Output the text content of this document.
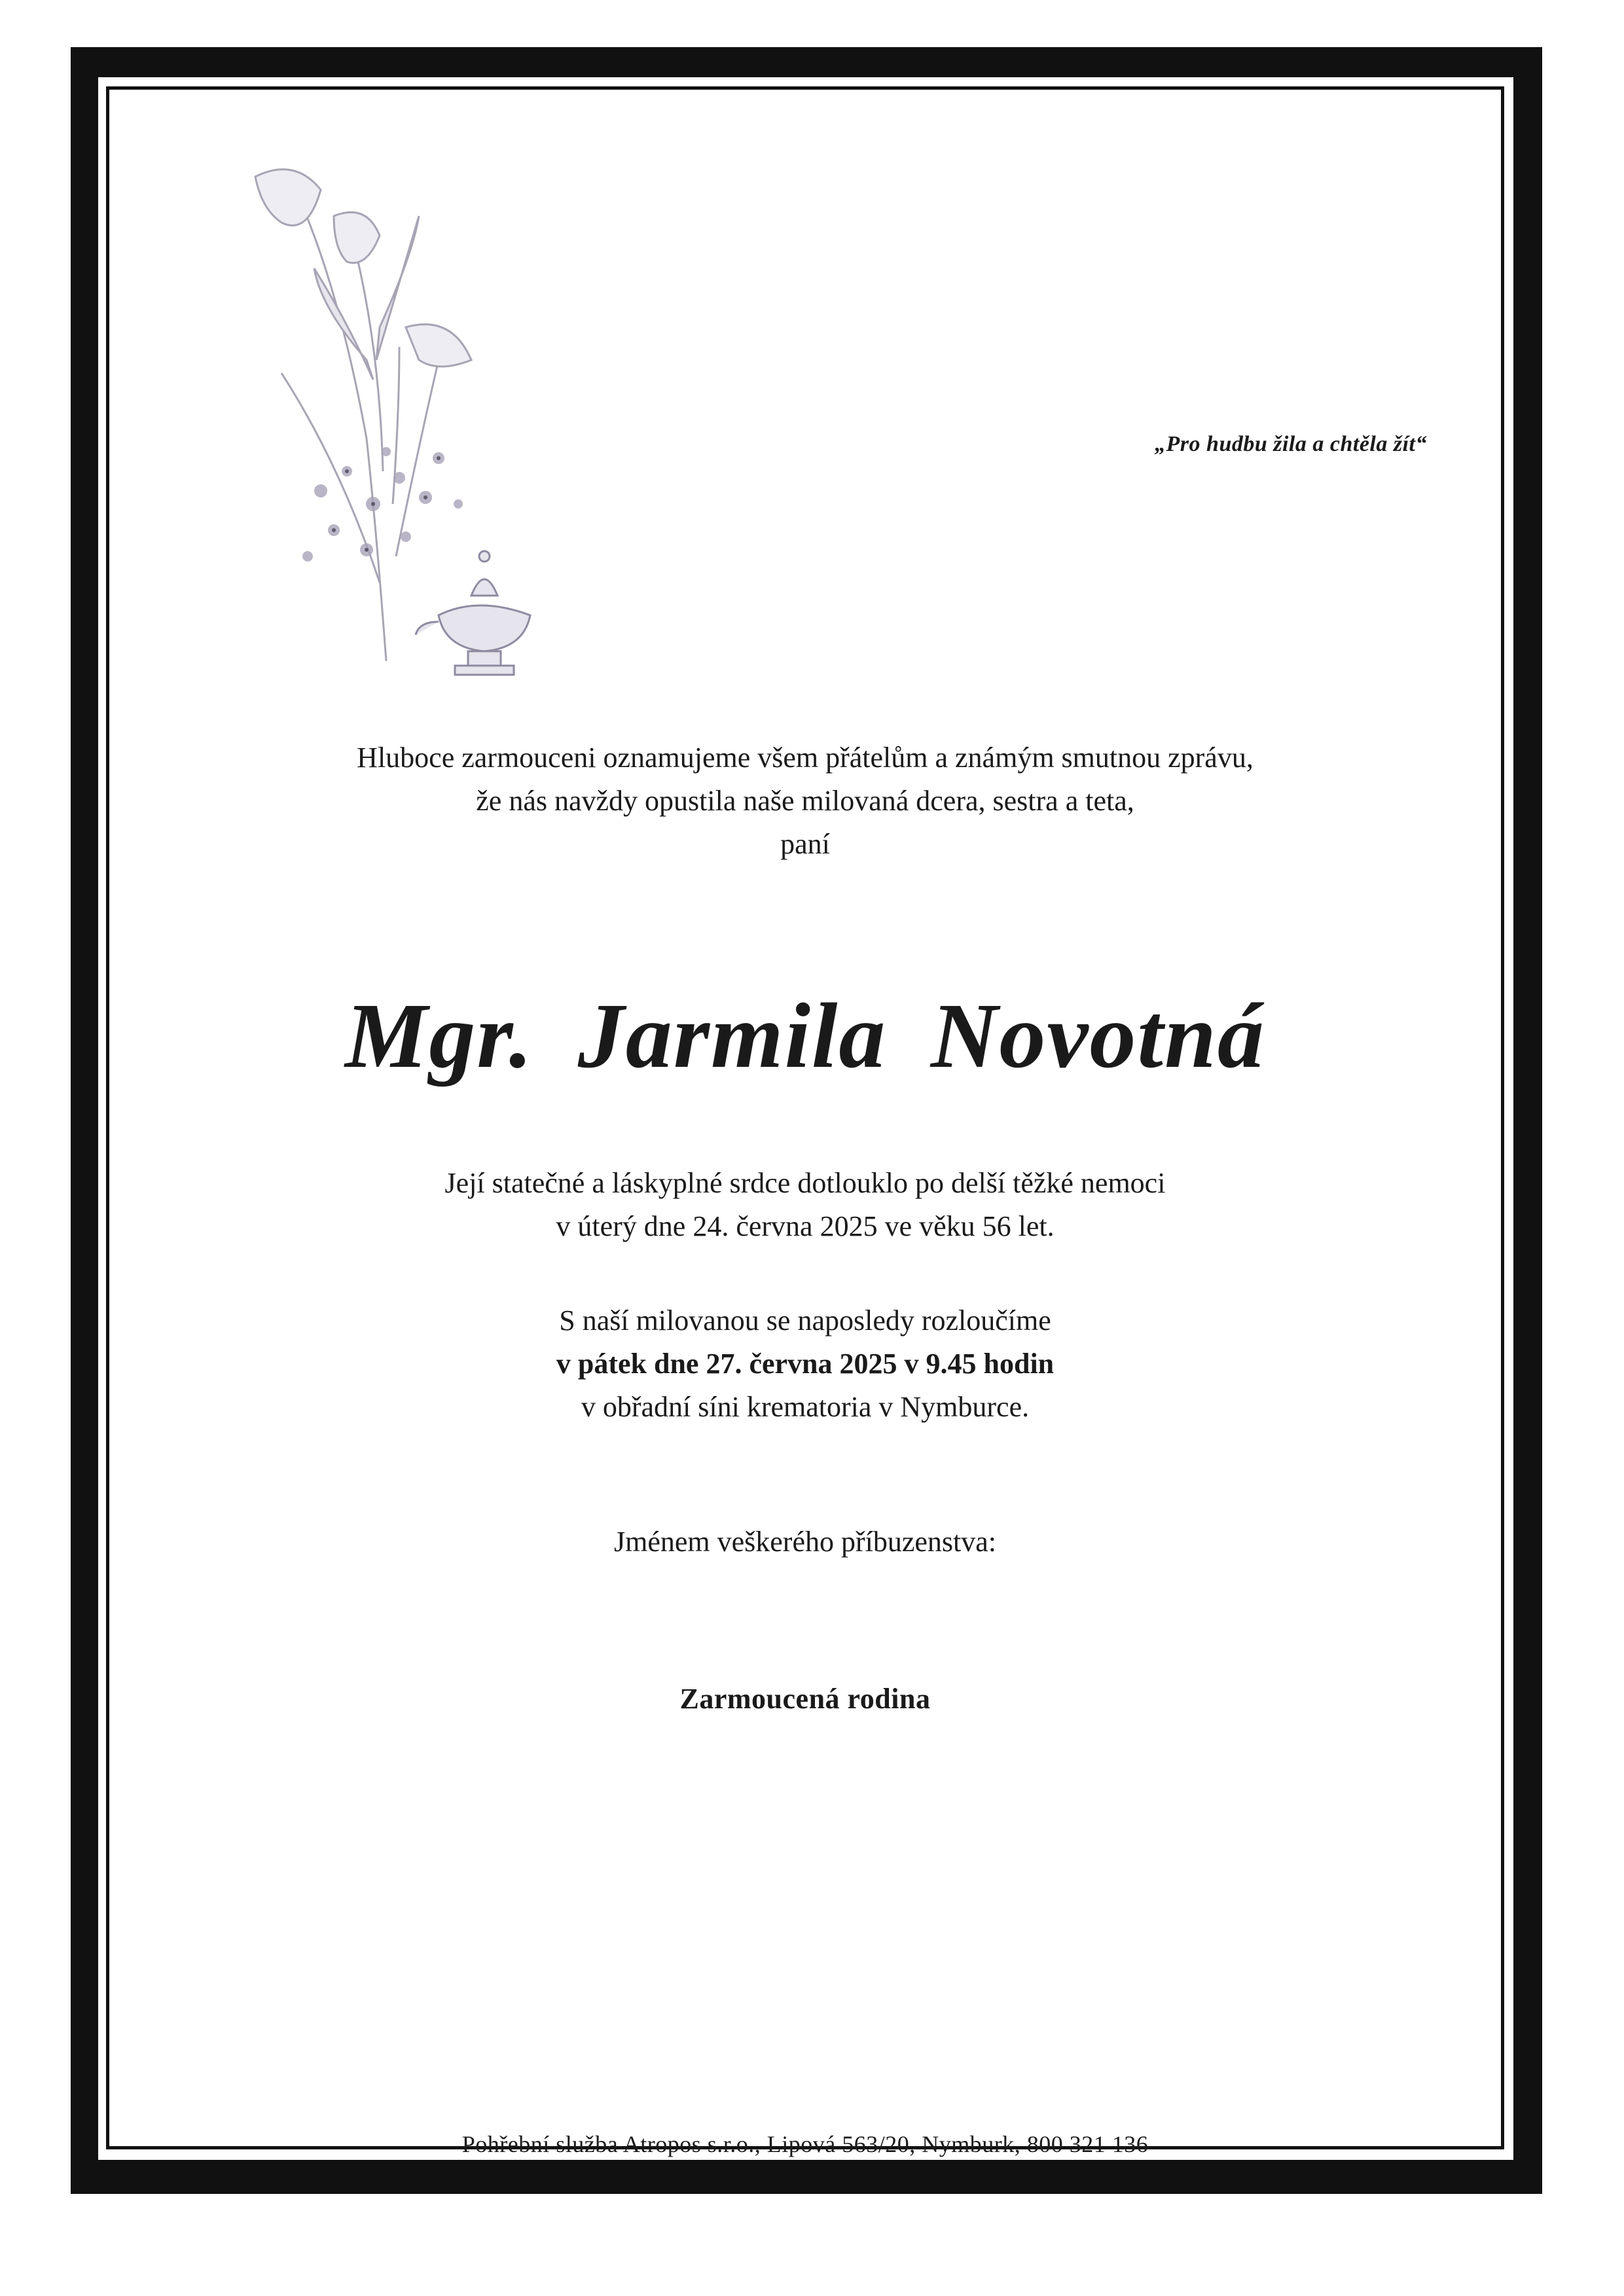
„Pro hudbu žila a chtěla žít“
Hluboce zarmouceni oznamujeme všem přátelům a známým smutnou zprávu,
že nás navždy opustila naše milovaná dcera, sestra a teta,
paní
Mgr. Jarmila Novotná
Její statečné a láskyplné srdce dotlouklo po delší těžké nemoci
v úterý dne 24. června 2025 ve věku 56 let.
S naší milovanou se naposledy rozloučíme
v pátek dne 27. června 2025 v 9.45 hodin
v obřadní síni krematoria v Nymburce.
Jménem veškerého příbuzenstva:
Zarmoucená rodina
Pohřební služba Atropos s.r.o., Lipová 563/20, Nymburk, 800 321 136
